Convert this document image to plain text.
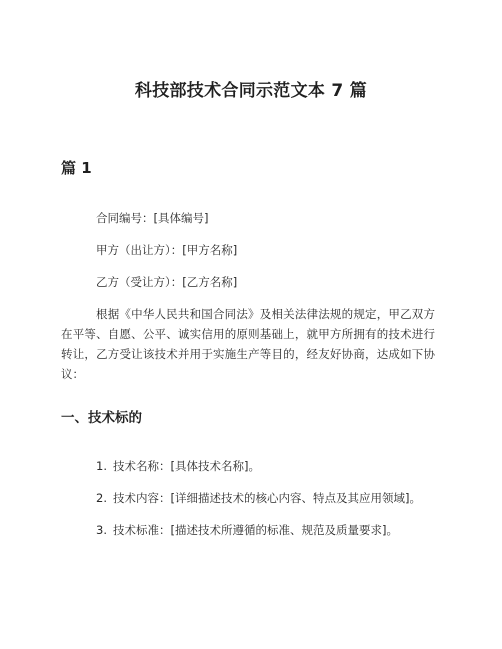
科技部技术合同示范文本 7 篇
篇 1

合同编号：[具体编号]

甲方（出让方）：[甲方名称]

乙方（受让方）：[乙方名称]

根据《中华人民共和国合同法》及相关法律法规的规定，甲乙双方在平等、自愿、公平、诚实信用的原则基础上，就甲方所拥有的技术进行转让，乙方受让该技术并用于实施生产等目的，经友好协商，达成如下协议：

一、技术标的

1. 技术名称：[具体技术名称]。

2. 技术内容：[详细描述技术的核心内容、特点及其应用领域]。

3. 技术标准：[描述技术所遵循的标准、规范及质量要求]。
